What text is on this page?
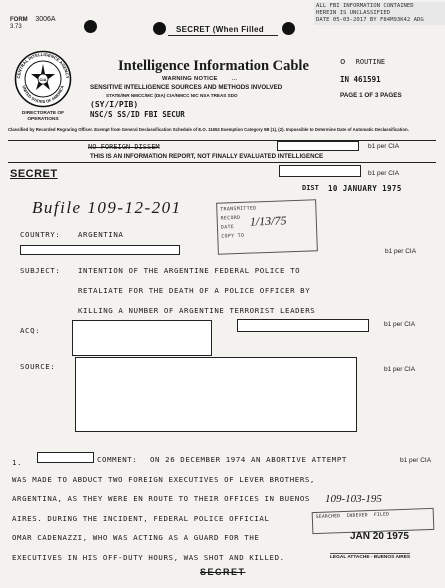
ALL FBI INFORMATION CONTAINED
HEREIN IS UNCLASSIFIED
DATE 05-03-2017 BY F84M93K42 ADG
FORM 3006A
3.73	SECRET (When Filled
CENTRAL INTELLIGENCE AGENCY
UNITED STATES OF AMERICA
CIA
DIRECTORATE OF
OPERATIONS
Intelligence Information Cable
WARNING NOTICE ...
SENSITIVE INTELLIGENCE SOURCES AND METHODS INVOLVED
STATE/INR NMCC/MC (DIA) CIA/NMCC NIC NSA TREAS SDO
(SY/I/PIB)
NSC/S SS/ID FBI SECUR
o ROUTINE
IN 461591
PAGE 1 OF 3 PAGES
Classified by Recorded Regraring Officer. Exempt from General Declassification Schedule of E.O. 11652 Exemption Category 5B (1), (2). Impossible to Determine Date of Automatic Declassification.
NO FOREIGN DISSEM	b1 per CIA
THIS IS AN INFORMATION REPORT, NOT FINALLY EVALUATED INTELLIGENCE
SECRET	b1 per CIA
DIST 10 JANUARY 1975
Bufile 109-12-201	TRANSMITTED
RECORD
DATE
COPY TO
1/13/75
COUNTRY: ARGENTINA
b1 per CIA
SUBJECT: INTENTION OF THE ARGENTINE FEDERAL POLICE TO
RETALIATE FOR THE DEATH OF A POLICE OFFICER BY
KILLING A NUMBER OF ARGENTINE TERRORIST LEADERS
ACQ:
b1 per CIA
SOURCE:	b1 per CIA
1.	COMMENT: ON 26 DECEMBER 1974 AN ABORTIVE ATTEMPT	b1 per CIA
WAS MADE TO ABDUCT TWO FOREIGN EXECUTIVES OF LEVER BROTHERS,
ARGENTINA, AS THEY WERE EN ROUTE TO THEIR OFFICES IN BUENOS 109-103-195
AIRES. DURING THE INCIDENT, FEDERAL POLICE OFFICIAL	SEARCHED INDEXED FILED
OMAR CADENAZZI, WHO WAS ACTING AS A GUARD FOR THE	JAN 20 1975
EXECUTIVES IN HIS OFF-DUTY HOURS, WAS SHOT AND KILLED.	LEGAL ATTACHE - BUENOS AIRES
SECRET
